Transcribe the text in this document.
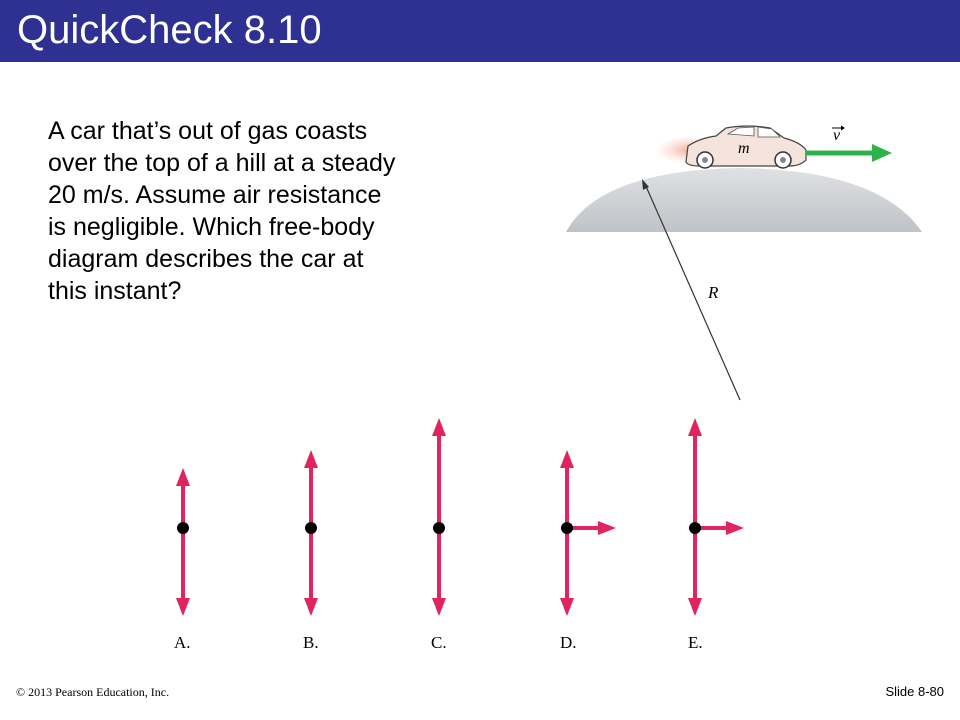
QuickCheck 8.10
A car that’s out of gas coasts
over the top of a hill at a steady
20 m/s. Assume air resistance
is negligible. Which free-body
diagram describes the car at
this instant?	R
m
v
A.	B.	C.	D.	E.
© 2013 Pearson Education, Inc.	Slide 8-80
